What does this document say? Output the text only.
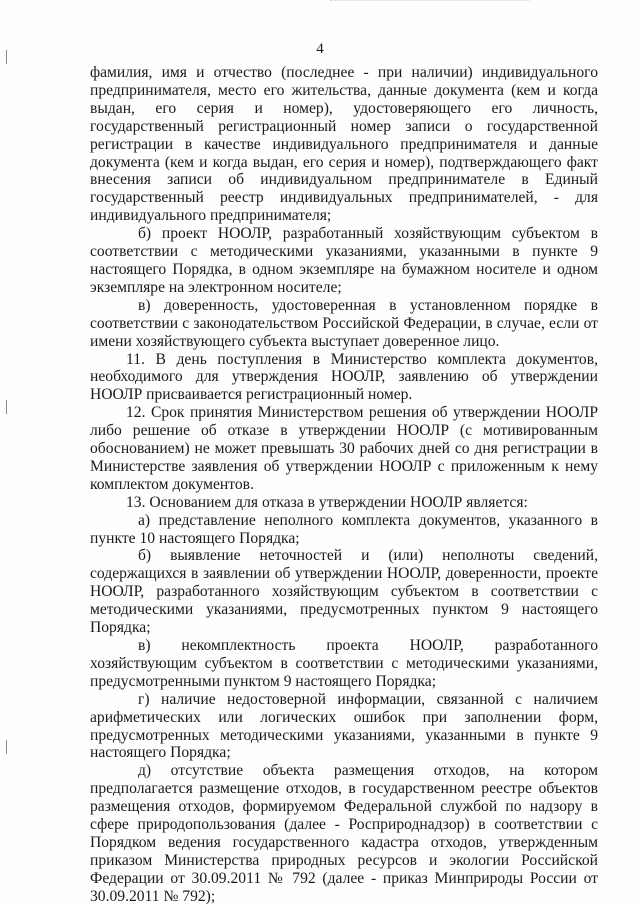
4

фамилия, имя и отчество (последнее - при наличии) индивидуального предпринимателя, место его жительства, данные документа (кем и когда выдан, его серия и номер), удостоверяющего его личность, государственный регистрационный номер записи о государственной регистрации в качестве индивидуального предпринимателя и данные документа (кем и когда выдан, его серия и номер), подтверждающего факт внесения записи об индивидуальном предпринимателе в Единый государственный реестр индивидуальных предпринимателей, - для индивидуального предпринимателя;

б) проект НООЛР, разработанный хозяйствующим субъектом в соответствии с методическими указаниями, указанными в пункте 9 настоящего Порядка, в одном экземпляре на бумажном носителе и одном экземпляре на электронном носителе;

в) доверенность, удостоверенная в установленном порядке в соответствии с законодательством Российской Федерации, в случае, если от имени хозяйствующего субъекта выступает доверенное лицо.

11. В день поступления в Министерство комплекта документов, необходимого для утверждения НООЛР, заявлению об утверждении НООЛР присваивается регистрационный номер.

12. Срок принятия Министерством решения об утверждении НООЛР либо решение об отказе в утверждении НООЛР (с мотивированным обоснованием) не может превышать 30 рабочих дней со дня регистрации в Министерстве заявления об утверждении НООЛР с приложенным к нему комплектом документов.

13. Основанием для отказа в утверждении НООЛР является:

а) представление неполного комплекта документов, указанного в пункте 10 настоящего Порядка;

б) выявление неточностей и (или) неполноты сведений, содержащихся в заявлении об утверждении НООЛР, доверенности, проекте НООЛР, разработанного хозяйствующим субъектом в соответствии с методическими указаниями, предусмотренных пунктом 9 настоящего Порядка;

в) некомплектность проекта НООЛР, разработанного хозяйствующим субъектом в соответствии с методическими указаниями, предусмотренными пунктом 9 настоящего Порядка;

г) наличие недостоверной информации, связанной с наличием арифметических или логических ошибок при заполнении форм, предусмотренных методическими указаниями, указанными в пункте 9 настоящего Порядка;

д) отсутствие объекта размещения отходов, на котором предполагается размещение отходов, в государственном реестре объектов размещения отходов, формируемом Федеральной службой по надзору в сфере природопользования (далее - Росприроднадзор) в соответствии с Порядком ведения государственного кадастра отходов, утвержденным приказом Министерства природных ресурсов и экологии Российской Федерации от 30.09.2011 № 792 (далее - приказ Минприроды России от 30.09.2011 № 792);
